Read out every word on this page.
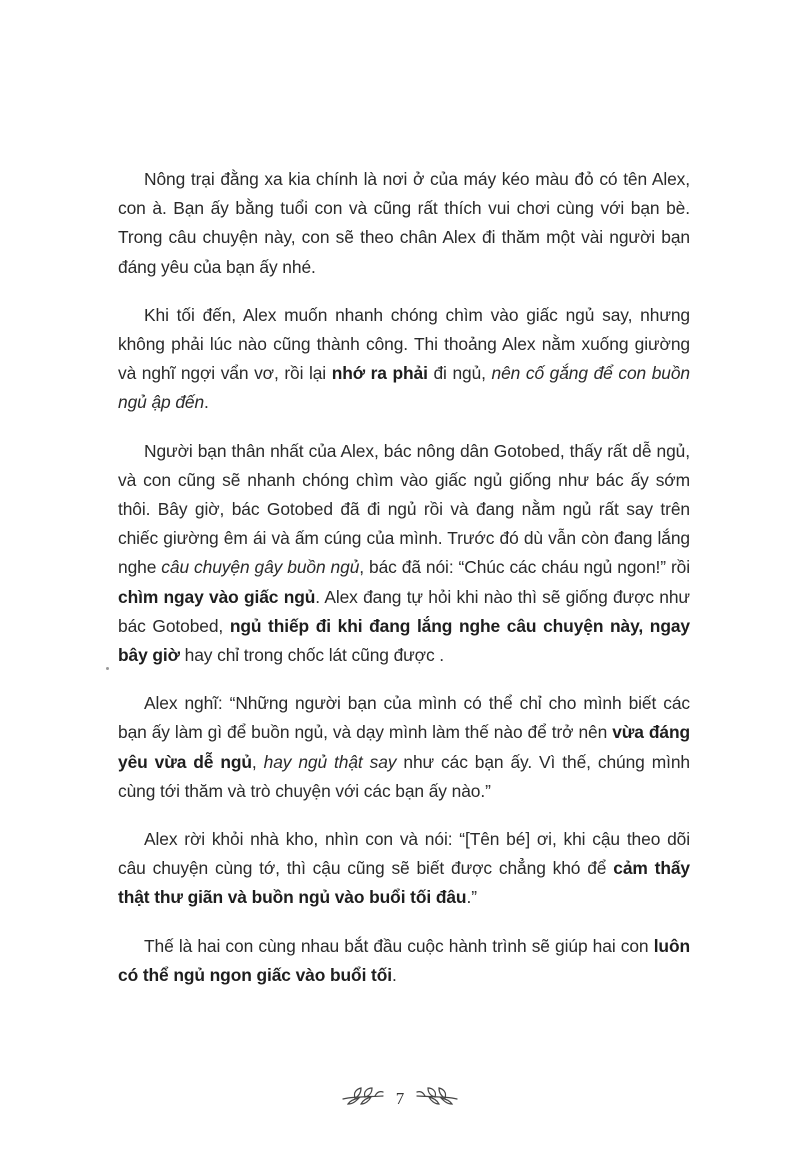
Nông trại đằng xa kia chính là nơi ở của máy kéo màu đỏ có tên Alex, con à. Bạn ấy bằng tuổi con và cũng rất thích vui chơi cùng với bạn bè. Trong câu chuyện này, con sẽ theo chân Alex đi thăm một vài người bạn đáng yêu của bạn ấy nhé.

Khi tối đến, Alex muốn nhanh chóng chìm vào giấc ngủ say, nhưng không phải lúc nào cũng thành công. Thi thoảng Alex nằm xuống giường và nghĩ ngợi vẩn vơ, rồi lại nhớ ra phải đi ngủ, nên cố gắng để con buồn ngủ ập đến.

Người bạn thân nhất của Alex, bác nông dân Gotobed, thấy rất dễ ngủ, và con cũng sẽ nhanh chóng chìm vào giấc ngủ giống như bác ấy sớm thôi. Bây giờ, bác Gotobed đã đi ngủ rồi và đang nằm ngủ rất say trên chiếc giường êm ái và ấm cúng của mình. Trước đó dù vẫn còn đang lắng nghe câu chuyện gây buồn ngủ, bác đã nói: “Chúc các cháu ngủ ngon!” rồi chìm ngay vào giấc ngủ. Alex đang tự hỏi khi nào thì sẽ giống được như bác Gotobed, ngủ thiếp đi khi đang lắng nghe câu chuyện này, ngay bây giờ hay chỉ trong chốc lát cũng được .

Alex nghĩ: “Những người bạn của mình có thể chỉ cho mình biết các bạn ấy làm gì để buồn ngủ, và dạy mình làm thế nào để trở nên vừa đáng yêu vừa dễ ngủ, hay ngủ thật say như các bạn ấy. Vì thế, chúng mình cùng tới thăm và trò chuyện với các bạn ấy nào.”

Alex rời khỏi nhà kho, nhìn con và nói: “[Tên bé] ơi, khi cậu theo dõi câu chuyện cùng tớ, thì cậu cũng sẽ biết được chẳng khó để cảm thấy thật thư giãn và buồn ngủ vào buổi tối đâu.”

Thế là hai con cùng nhau bắt đầu cuộc hành trình sẽ giúp hai con luôn có thể ngủ ngon giấc vào buổi tối.

7
